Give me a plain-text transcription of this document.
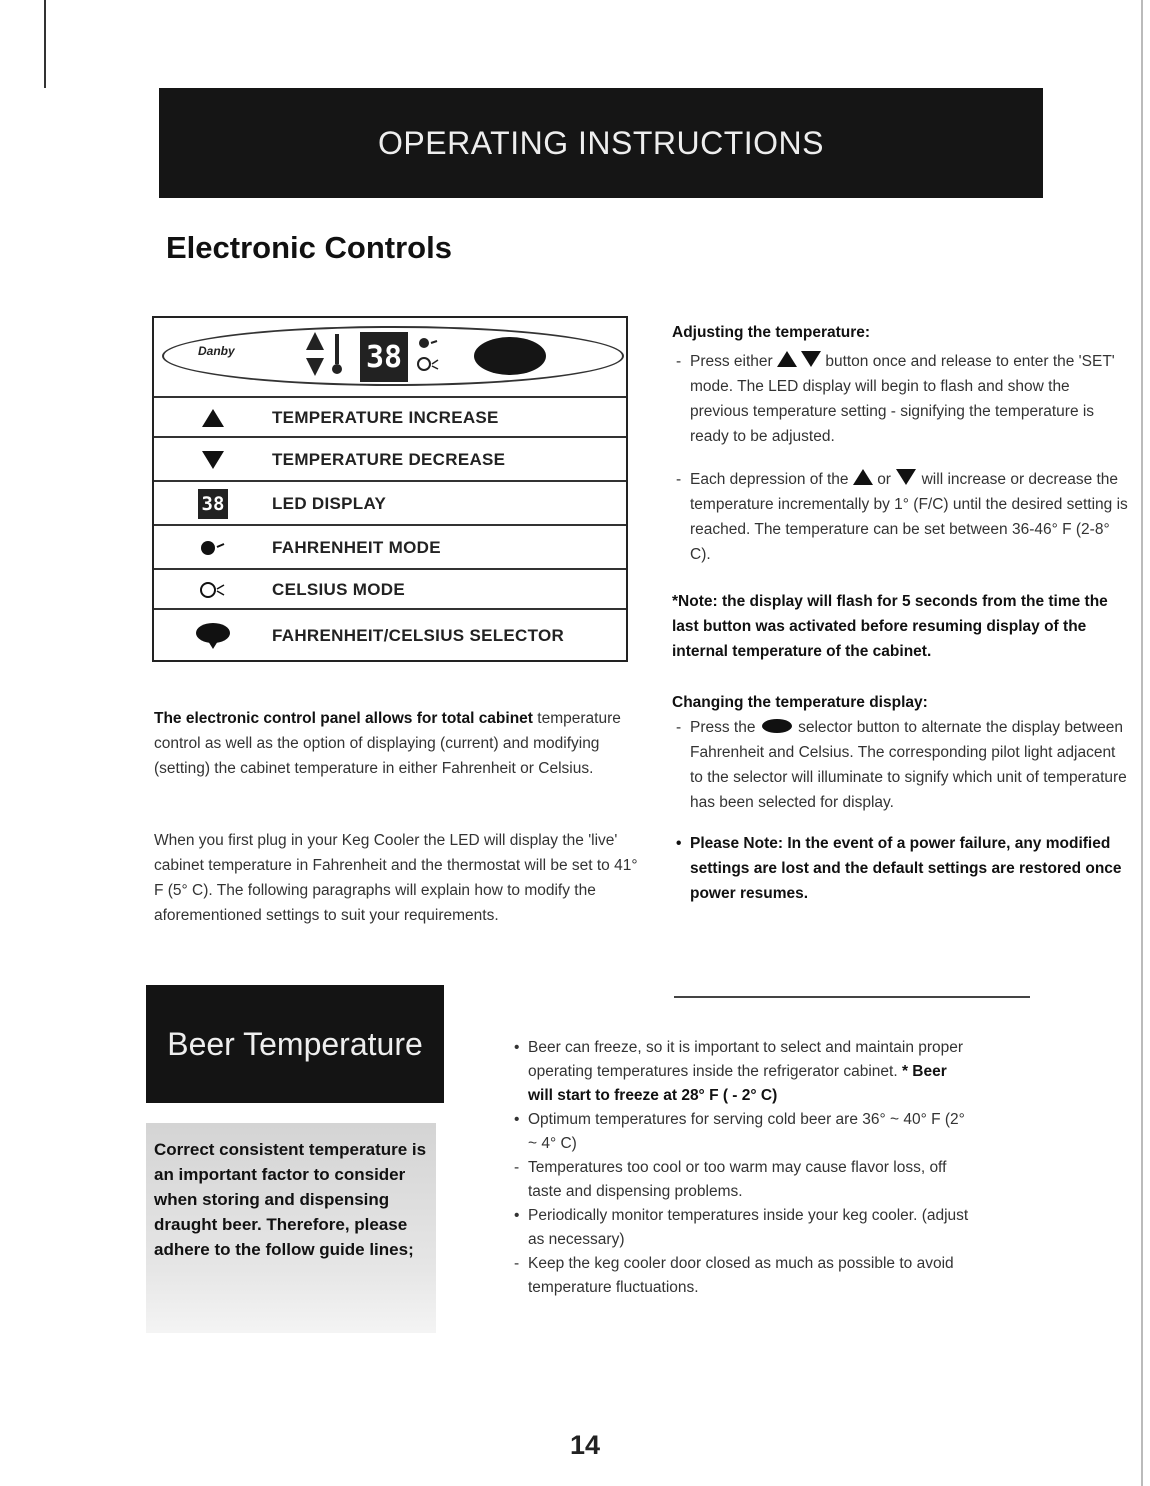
OPERATING INSTRUCTIONS
Electronic Controls
Danby	38
TEMPERATURE INCREASE
TEMPERATURE DECREASE
38	LED DISPLAY
FAHRENHEIT MODE
CELSIUS MODE
FAHRENHEIT/CELSIUS SELECTOR
The electronic control panel allows for total cabinet temperature control as well as the option of displaying (current) and modifying (setting) the cabinet temperature in either Fahrenheit or Celsius.
When you first plug in your Keg Cooler the LED will display the 'live' cabinet temperature in Fahrenheit and the thermostat will be set to 41° F (5° C). The following paragraphs will explain how to modify the aforementioned settings to suit your requirements.
Adjusting the temperature:
- Press either	button once and release to enter the 'SET' mode. The LED display will begin to flash and show the previous temperature setting - signifying the temperature is ready to be adjusted.
- Each depression of the or will increase or decrease the temperature incrementally by 1° (F/C) until the desired setting is reached. The temperature can be set between 36-46° F (2-8° C).
*Note: the display will flash for 5 seconds from the time the last button was activated before resuming display of the internal temperature of the cabinet.
Changing the temperature display:
- Press the	selector button to alternate the display between Fahrenheit and Celsius. The corresponding pilot light adjacent to the selector will illuminate to signify which unit of temperature has been selected for display.
• Please Note: In the event of a power failure, any modified settings are lost and the default settings are restored once power resumes.
Beer Temperature
Correct consistent temperature is an important factor to consider when storing and dispensing draught beer. Therefore, please adhere to the follow guide lines;
• Beer can freeze, so it is important to select and maintain proper operating temperatures inside the refrigerator cabinet. * Beer will start to freeze at 28° F ( - 2° C)
• Optimum temperatures for serving cold beer are 36° ~ 40° F (2° ~ 4° C)
- Temperatures too cool or too warm may cause flavor loss, off taste and dispensing problems.
• Periodically monitor temperatures inside your keg cooler. (adjust as necessary)
- Keep the keg cooler door closed as much as possible to avoid temperature fluctuations.
14
